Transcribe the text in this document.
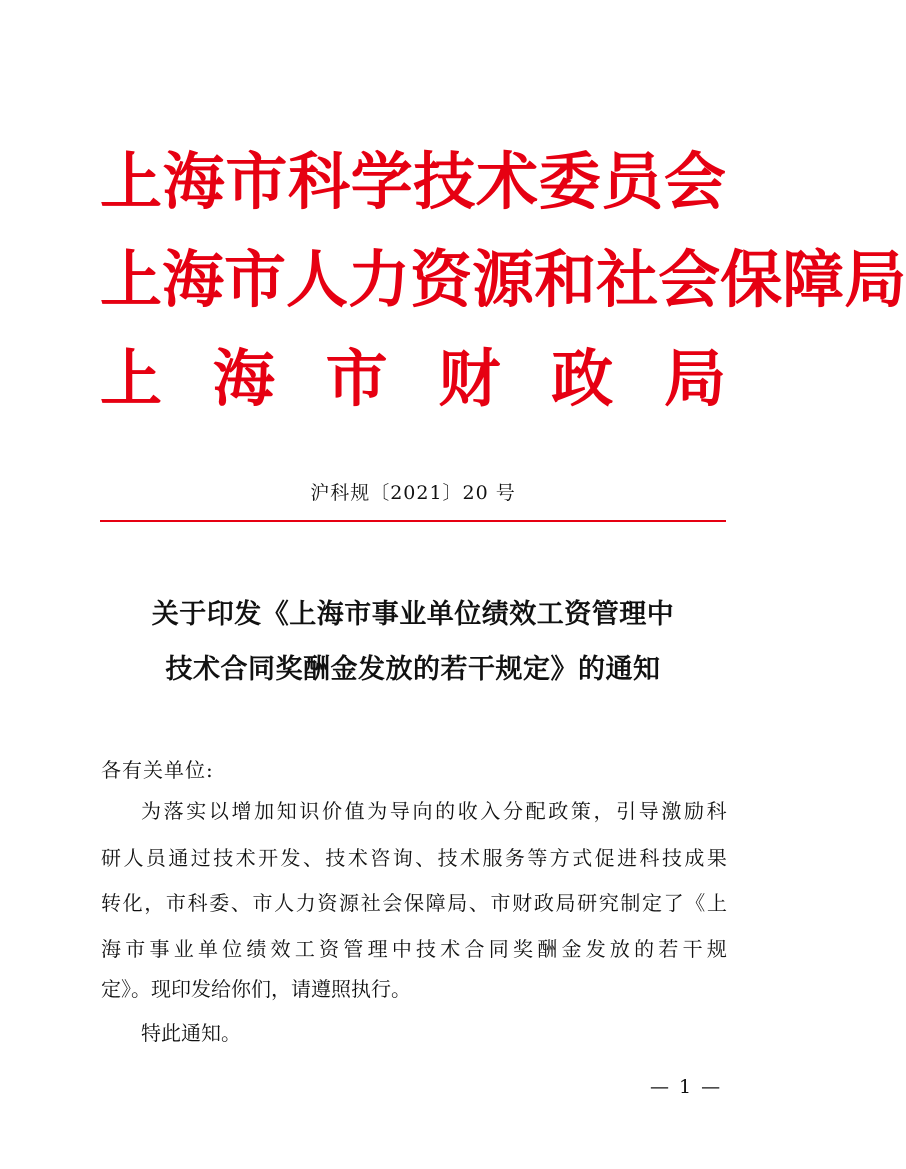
上 海 市 科 学 技 术 委 员 会
上 海 市 人 力 资 源 和 社 会 保 障 局
上 海 市 财 政 局
沪科规〔2021〕20 号
关于印发《上海市事业单位绩效工资管理中
技术合同奖酬金发放的若干规定》的通知
各有关单位:
为 落 实 以 增 加 知 识 价 值 为 导 向 的 收 入 分 配 政 策 ， 引 导 激 励 科
研 人 员 通 过 技 术 开 发 、 技 术 咨 询 、 技 术 服 务 等 方 式 促 进 科 技 成 果
转 化 ， 市 科 委 、 市 人 力 资 源 社 会 保 障 局 、 市 财 政 局 研 究 制 定 了 《 上
海 市 事 业 单 位 绩 效 工 资 管 理 中 技 术 合 同 奖 酬 金 发 放 的 若 干 规
定》。现印发给你们，请遵照执行。
特此通知。
— 1 —
